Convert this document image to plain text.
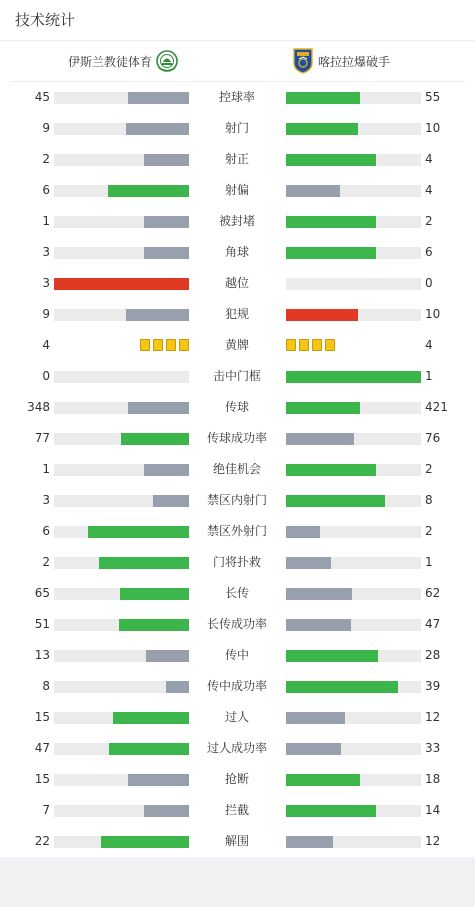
技术统计
伊斯兰教徒体育	喀拉拉爆破手
45	控球率	55
9	射门	10
2	射正	4
6	射偏	4
1	被封堵	2
3	角球	6
3	越位	0
9	犯规	10
4	黄牌	4
0	击中门框	1
348	传球	421
77	传球成功率	76
1	绝佳机会	2
3	禁区内射门	8
6	禁区外射门	2
2	门将扑救	1
65	长传	62
51	长传成功率	47
13	传中	28
8	传中成功率	39
15	过人	12
47	过人成功率	33
15	抢断	18
7	拦截	14
22	解围	12
